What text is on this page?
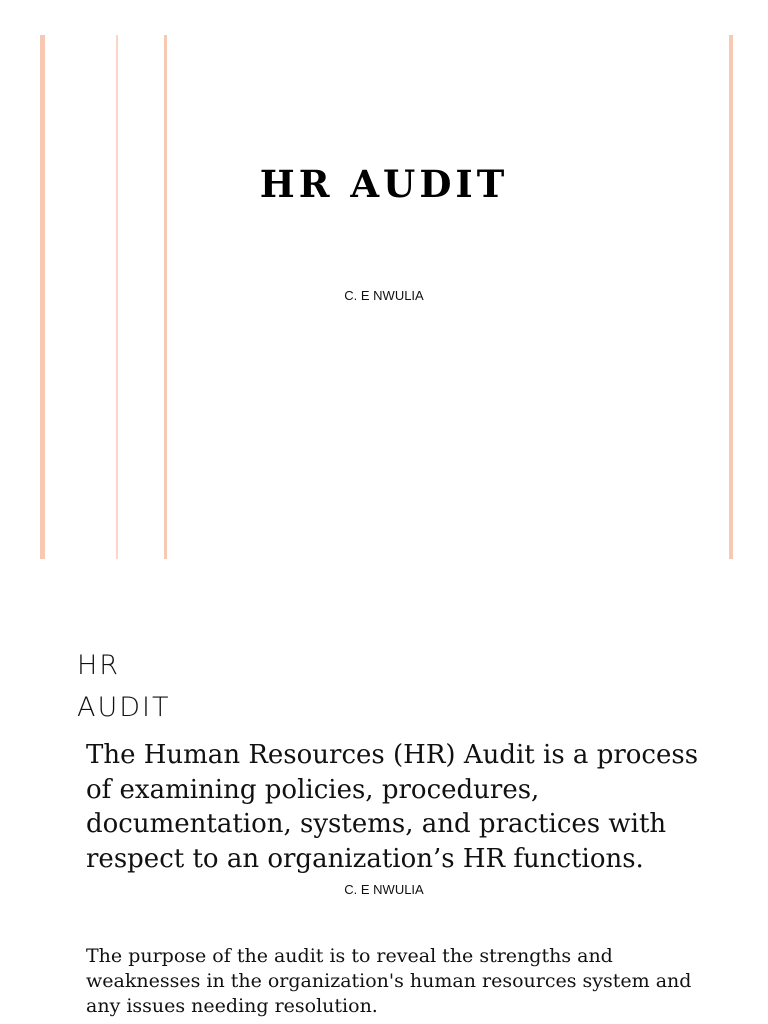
HR AUDIT
C. E NWULIA
HR
AUDIT

The Human Resources (HR) Audit is a process of examining policies, procedures, documentation, systems, and practices with respect to an organization’s HR functions.

C. E NWULIA

The purpose of the audit is to reveal the strengths and weaknesses in the organization's human resources system and any issues needing resolution.
